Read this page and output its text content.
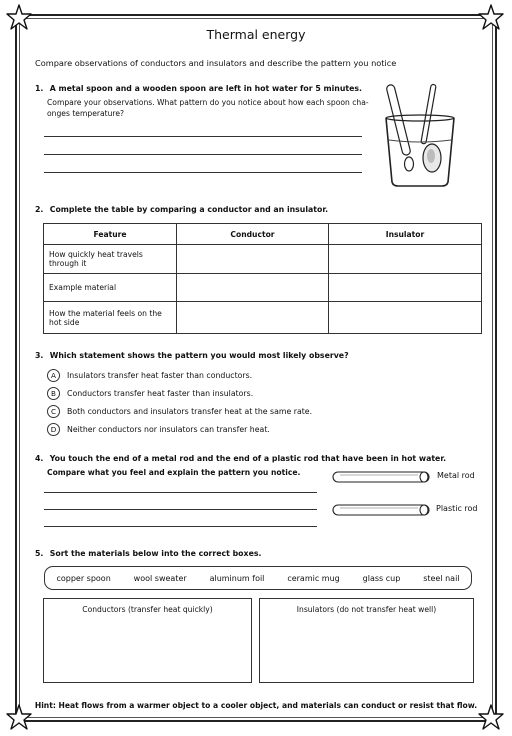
Thermal energy
Compare observations of conductors and insulators and describe the pattern you notice
1. A metal spoon and a wooden spoon are left in hot water for 5 minutes.
Compare your observations. What pattern do you notice about how each spoon cha-
onges temperature?
2. Complete the table by comparing a conductor and an insulator.
Feature	Conductor	Insulator
How quickly heat travels through it		
Example material		
How the material feels on the hot side		
3. Which statement shows the pattern you would most likely observe?
A	Insulators transfer heat faster than conductors.
B	Conductors transfer heat faster than insulators.
C	Both conductors and insulators transfer heat at the same rate.
D	Neither conductors nor insulators can transfer heat.
4. You touch the end of a metal rod and the end of a plastic rod that have been in hot water.
Compare what you feel and explain the pattern you notice.	Metal rod
Plastic rod
5. Sort the materials below into the correct boxes.
copper spoon	wool sweater	aluminum foil	ceramic mug	glass cup	steel nail
Conductors (transfer heat quickly)	Insulators (do not transfer heat well)
Hint: Heat flows from a warmer object to a cooler object, and materials can conduct or resist that flow.
